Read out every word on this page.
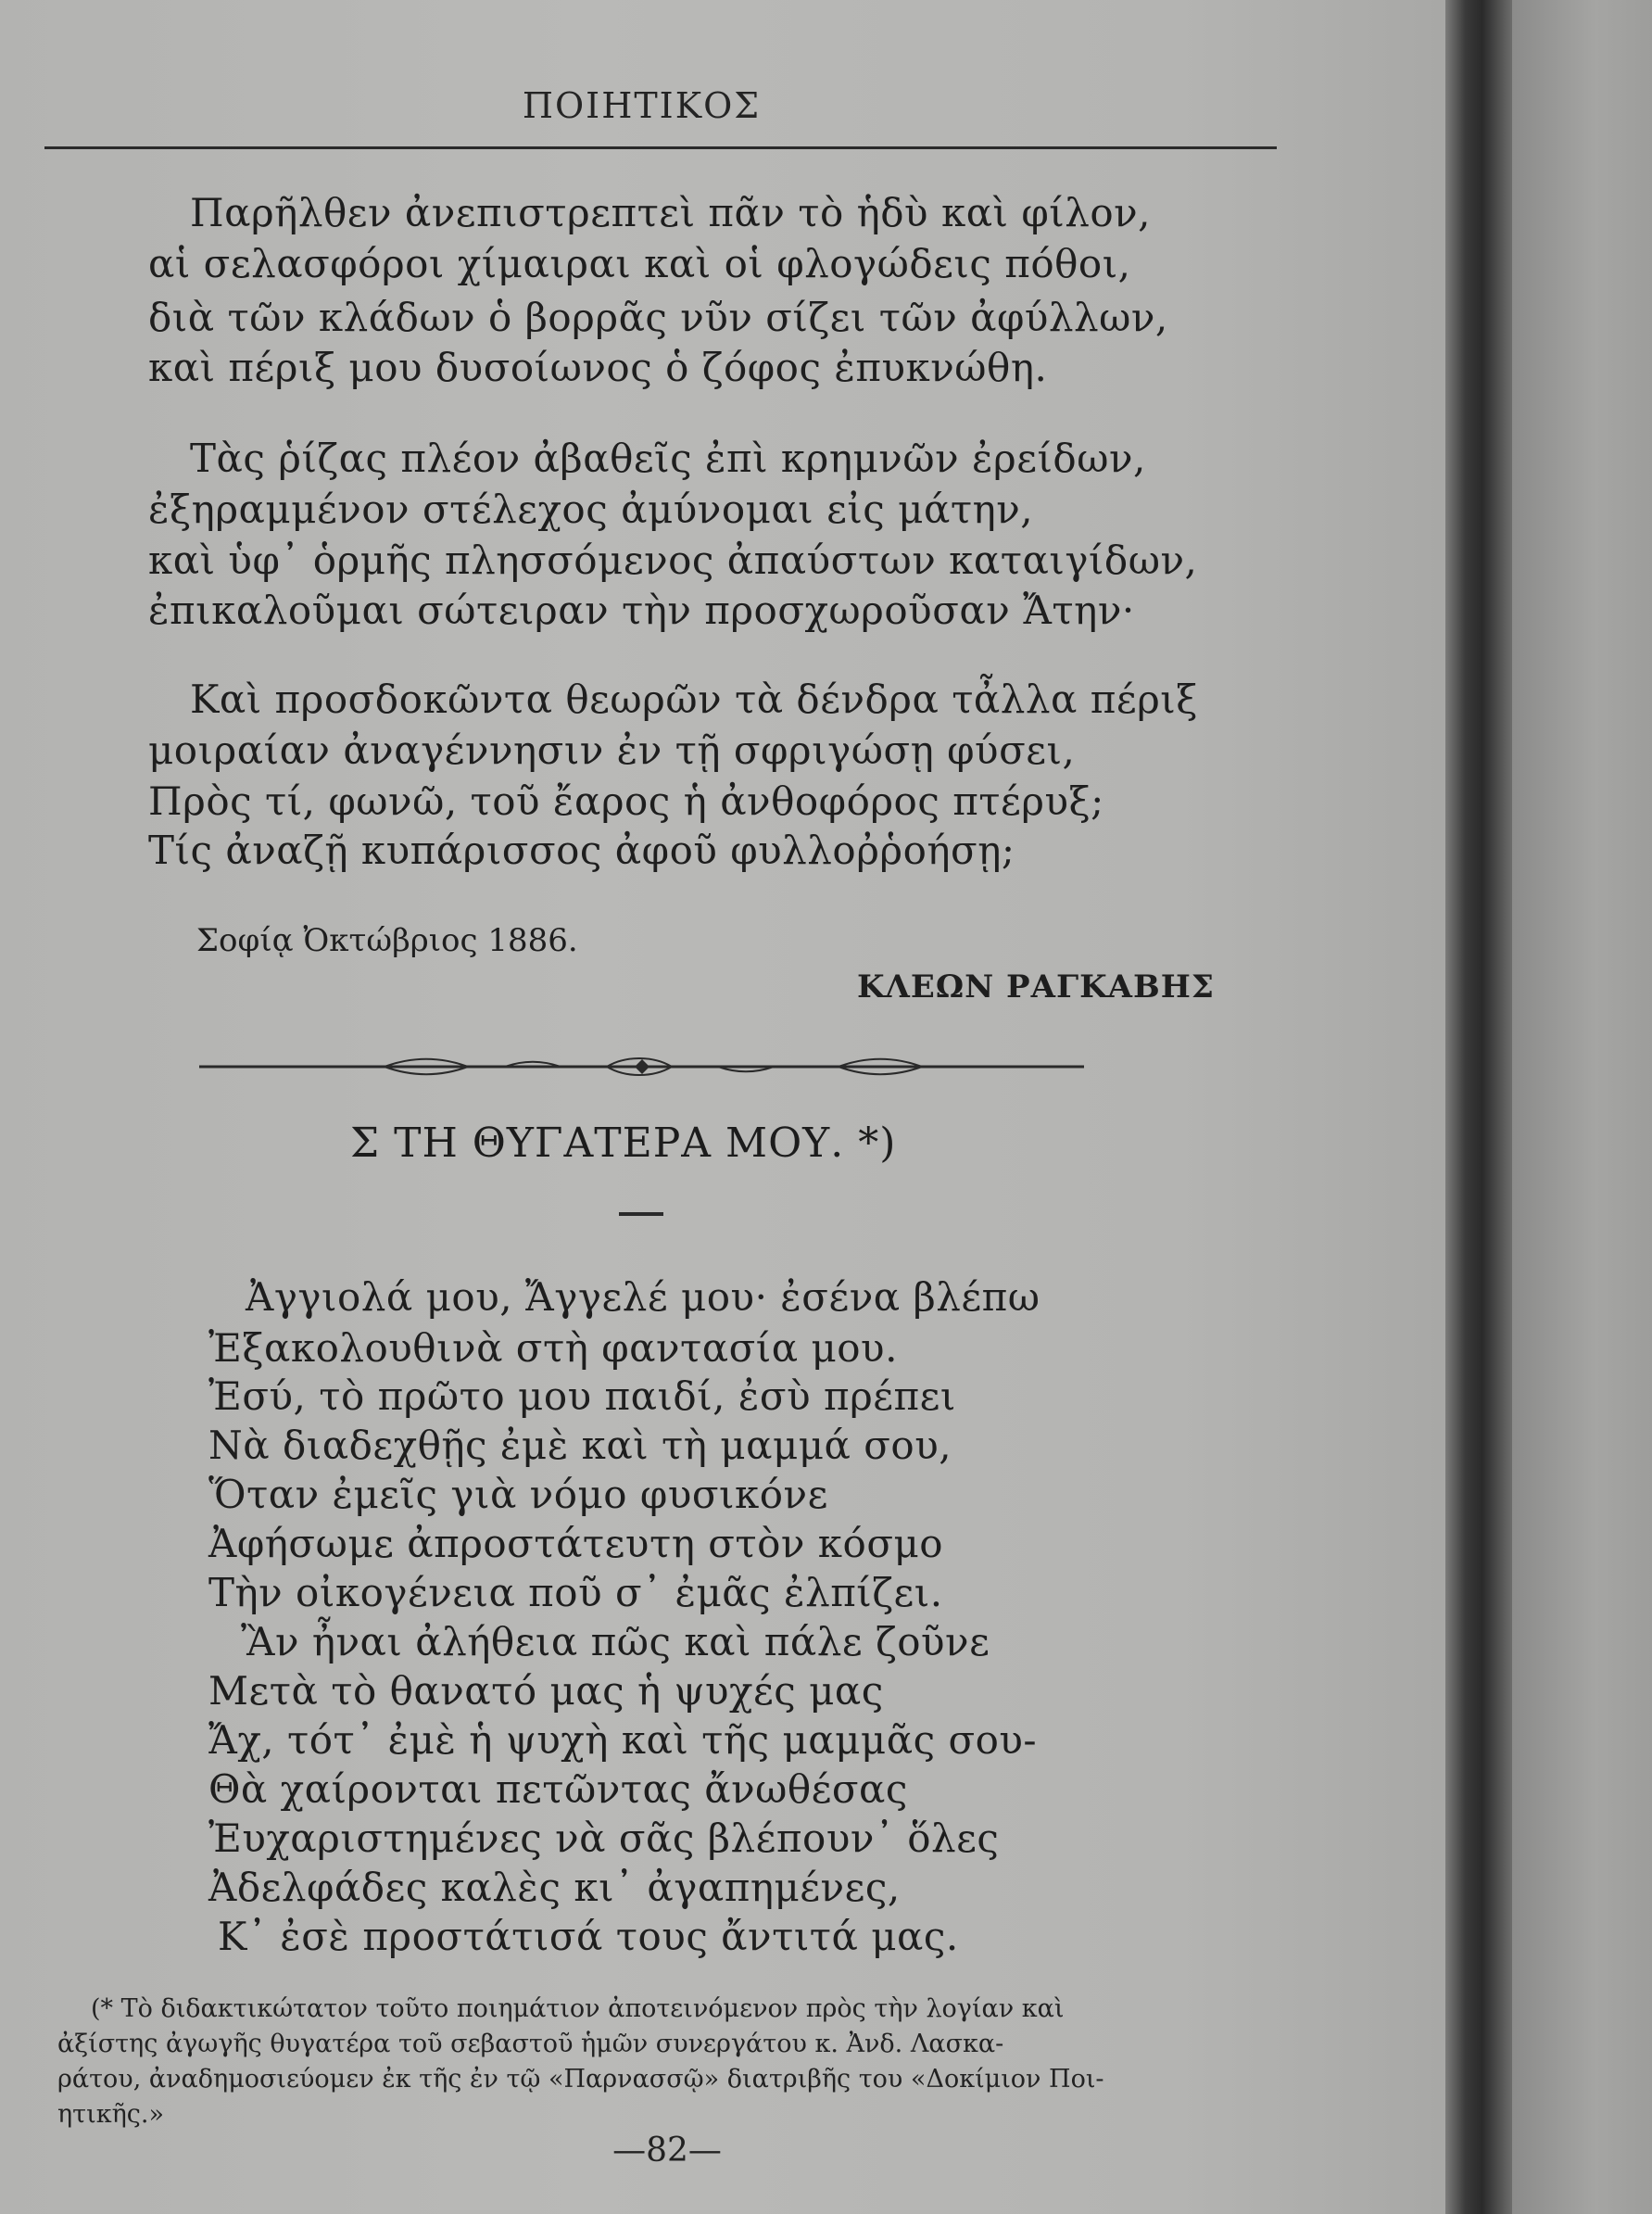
ΠΟΙΗΤΙΚΟΣ
Παρῆλθεν ἀνεπιστρεπτεὶ πᾶν τὸ ἡδὺ καὶ φίλον,
αἱ σελασφόροι χίμαιραι καὶ οἱ φλογώδεις πόθοι,
διὰ τῶν κλάδων ὁ βορρᾶς νῦν σίζει τῶν ἀφύλλων,
καὶ πέριξ μου δυσοίωνος ὁ ζόφος ἐπυκνώθη.
Τὰς ῥίζας πλέον ἀβαθεῖς ἐπὶ κρημνῶν ἐρείδων,
ἐξηραμμένον στέλεχος ἀμύνομαι εἰς μάτην,
καὶ ὑφ᾽ ὁρμῆς πλησσόμενος ἀπαύστων καταιγίδων,
ἐπικαλοῦμαι σώτειραν τὴν προσχωροῦσαν Ἄτην·
Καὶ προσδοκῶντα θεωρῶν τὰ δένδρα τἆλλα πέριξ
μοιραίαν ἀναγέννησιν ἐν τῇ σφριγώσῃ φύσει,
Πρὸς τί, φωνῶ, τοῦ ἔαρος ἡ ἀνθοφόρος πτέρυξ;
Τίς ἀναζῇ κυπάρισσος ἀφοῦ φυλλοῤῥοήσῃ;
Σοφίᾳ Ὀκτώβριος 1886.
ΚΛΕΩΝ ΡΑΓΚΑΒΗΣ
Σ ΤΗ ΘΥΓΑΤΕΡΑ ΜΟΥ. *)
Ἀγγιολά μου, Ἄγγελέ μου· ἐσένα βλέπω
Ἐξακολουθινὰ στὴ φαντασία μου.
Ἐσύ, τὸ πρῶτο μου παιδί, ἐσὺ πρέπει
Νὰ διαδεχθῇς ἐμὲ καὶ τὴ μαμμά σου,
Ὅταν ἐμεῖς γιὰ νόμο φυσικόνε
Ἀφήσωμε ἀπροστάτευτη στὸν κόσμο
Τὴν οἰκογένεια ποῦ σ᾽ ἐμᾶς ἐλπίζει.
Ἂν ἦναι ἀλήθεια πῶς καὶ πάλε ζοῦνε
Μετὰ τὸ θανατό μας ἡ ψυχές μας
Ἄχ, τότ᾽ ἐμὲ ἡ ψυχὴ καὶ τῆς μαμμᾶς σου-
Θὰ χαίρονται πετῶντας ἄνωθέσας
Ἐυχαριστημένες νὰ σᾶς βλέπουν᾽ ὅλες
Ἀδελφάδες καλὲς κι᾽ ἀγαπημένες,
Κ᾽ ἐσὲ προστάτισά τους ἄντιτά μας.
(* Τὸ διδακτικώτατον τοῦτο ποιημάτιον ἀποτεινόμενον πρὸς τὴν λογίαν καὶ
ἀξίστης ἀγωγῆς θυγατέρα τοῦ σεβαστοῦ ἡμῶν συνεργάτου κ. Ἀνδ. Λασκα-
ράτου, ἀναδημοσιεύομεν ἐκ τῆς ἐν τῷ «Παρνασσῷ» διατριβῆς του «Δοκίμιον Ποι-
ητικῆς.»
—82—
